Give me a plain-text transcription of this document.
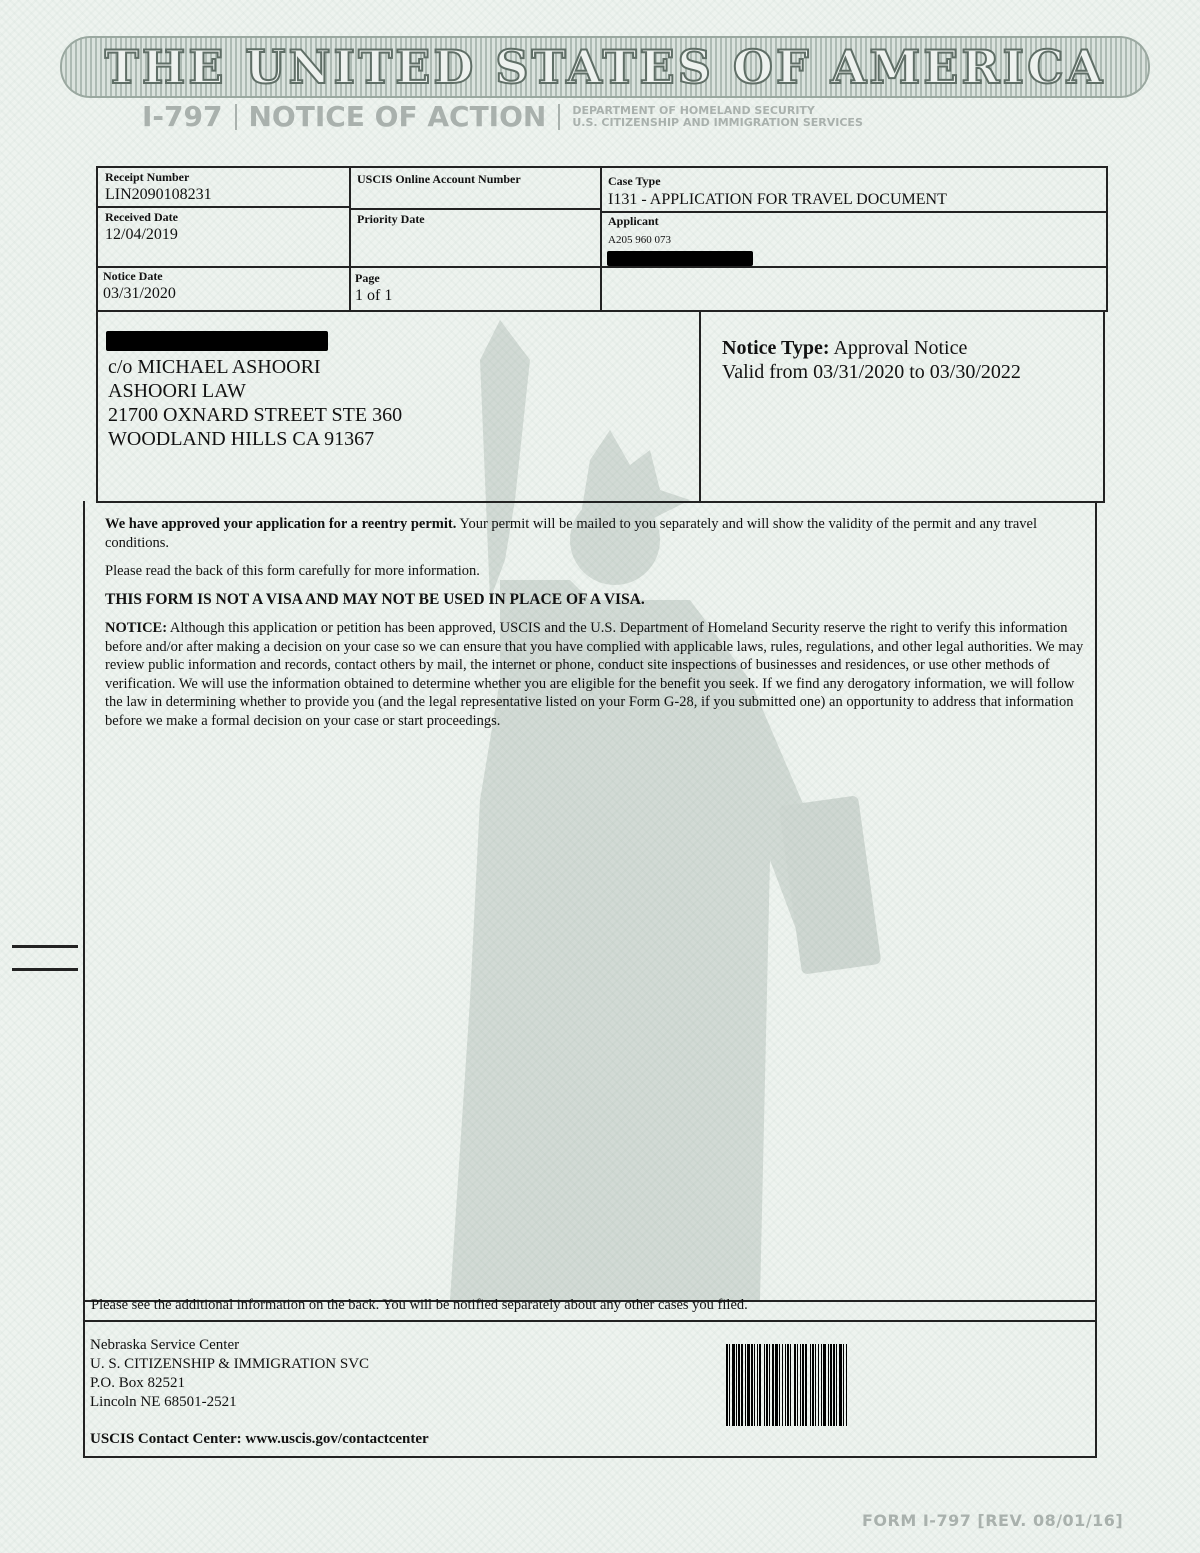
THE UNITED STATES OF AMERICA
I-797 NOTICE OF ACTION DEPARTMENT OF HOMELAND SECURITY
U.S. CITIZENSHIP AND IMMIGRATION SERVICES
Receipt Number
LIN2090108231
USCIS Online Account Number	Case Type
I131 - APPLICATION FOR TRAVEL DOCUMENT
Received Date
12/04/2019
Priority Date	Applicant
A205 960 073
Notice Date
03/31/2020
Page
1 of 1
c/o MICHAEL ASHOORI
ASHOORI LAW
21700 OXNARD STREET STE 360
WOODLAND HILLS CA 91367
Notice Type: Approval Notice
Valid from 03/31/2020 to 03/30/2022

We have approved your application for a reentry permit. Your permit will be mailed to you separately and will show the validity of the permit and any travel conditions.

Please read the back of this form carefully for more information.

THIS FORM IS NOT A VISA AND MAY NOT BE USED IN PLACE OF A VISA.

NOTICE: Although this application or petition has been approved, USCIS and the U.S. Department of Homeland Security reserve the right to verify this information before and/or after making a decision on your case so we can ensure that you have complied with applicable laws, rules, regulations, and other legal authorities. We may review public information and records, contact others by mail, the internet or phone, conduct site inspections of businesses and residences, or use other methods of verification. We will use the information obtained to determine whether you are eligible for the benefit you seek. If we find any derogatory information, we will follow the law in determining whether to provide you (and the legal representative listed on your Form G-28, if you submitted one) an opportunity to address that information before we make a formal decision on your case or start proceedings.

Please see the additional information on the back. You will be notified separately about any other cases you filed.
Nebraska Service Center
U. S. CITIZENSHIP & IMMIGRATION SVC
P.O. Box 82521
Lincoln NE 68501-2521
USCIS Contact Center: www.uscis.gov/contactcenter
FORM I-797 [REV. 08/01/16]
